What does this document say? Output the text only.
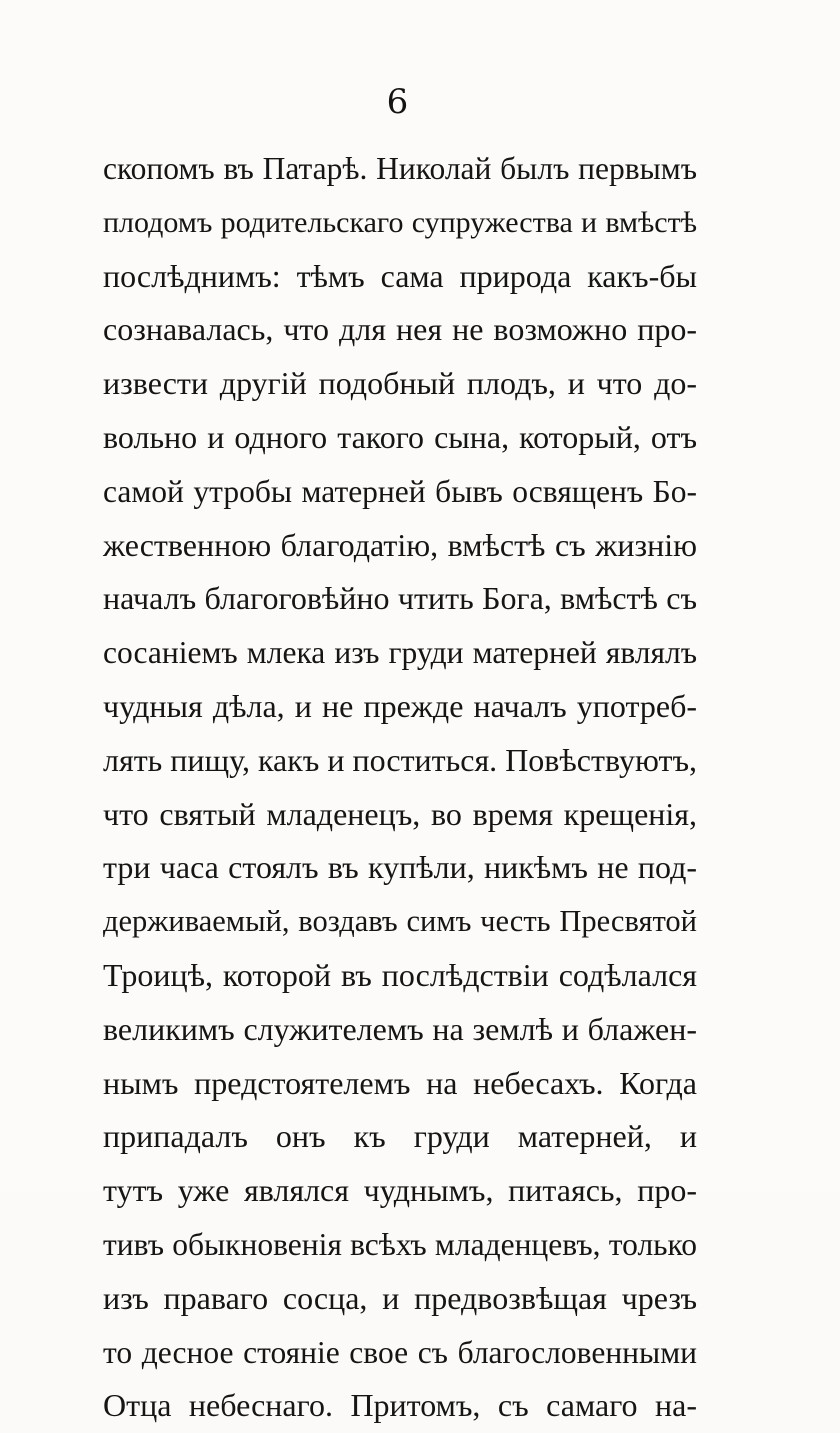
6
скопомъ въ Патарѣ. Николай былъ первымъ
плодомъ родительскаго супружества и вмѣстѣ
послѣднимъ: тѣмъ сама природа какъ-бы
сознавалась, что для нея не возможно про-
извести другій подобный плодъ, и что до-
вольно и одного такого сына, который, отъ
самой утробы матерней бывъ освященъ Бо-
жественною благодатію, вмѣстѣ съ жизнію
началъ благоговѣйно чтить Бога, вмѣстѣ съ
сосаніемъ млека изъ груди матерней являлъ
чудныя дѣла, и не прежде началъ употреб-
лять пищу, какъ и поститься. Повѣствуютъ,
что святый младенецъ, во время крещенія,
три часа стоялъ въ купѣли, никѣмъ не под-
держиваемый, воздавъ симъ честь Пресвятой
Троицѣ, которой въ послѣдствіи содѣлался
великимъ служителемъ на землѣ и блажен-
нымъ предстоятелемъ на небесахъ. Когда
припадалъ онъ къ груди матерней, и
тутъ уже являлся чуднымъ, питаясь, про-
тивъ обыкновенія всѣхъ младенцевъ, только
изъ праваго сосца, и предвозвѣщая чрезъ
то десное стояніе свое съ благословенными
Отца небеснаго. Притомъ, съ самаго на-
